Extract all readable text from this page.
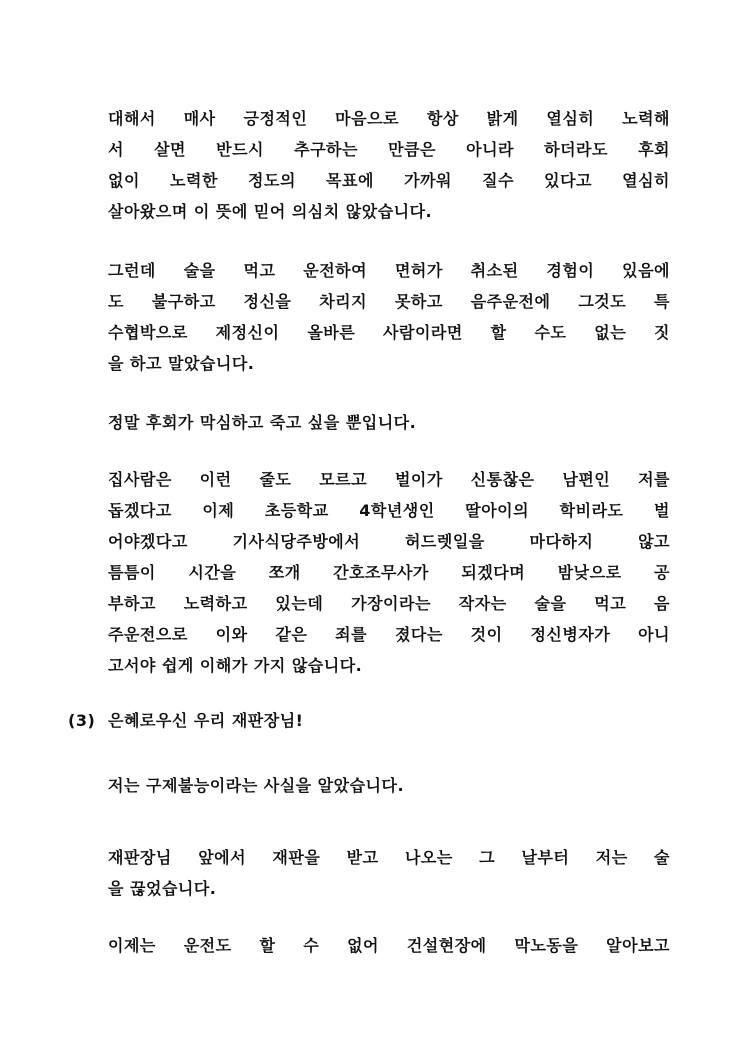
대해서 매사 긍정적인 마음으로 항상 밝게 열심히 노력해
서 살면 반드시 추구하는 만큼은 아니라 하더라도 후회
없이 노력한 정도의 목표에 가까워 질수 있다고 열심히
살아왔으며 이 뜻에 믿어 의심치 않았습니다.
그런데 술을 먹고 운전하여 면허가 취소된 경험이 있음에
도 불구하고 정신을 차리지 못하고 음주운전에 그것도 특
수협박으로 제정신이 올바른 사람이라면 할 수도 없는 짓
을 하고 말았습니다.
정말 후회가 막심하고 죽고 싶을 뿐입니다.
집사람은 이런 줄도 모르고 벌이가 신통찮은 남편인 저를
돕겠다고 이제 초등학교 4학년생인 딸아이의 학비라도 벌
어야겠다고 기사식당주방에서 허드렛일을 마다하지 않고
틈틈이 시간을 쪼개 간호조무사가 되겠다며 밤낮으로 공
부하고 노력하고 있는데 가장이라는 작자는 술을 먹고 음
주운전으로 이와 같은 죄를 졌다는 것이 정신병자가 아니
고서야 쉽게 이해가 가지 않습니다.
(3) 은혜로우신 우리 재판장님!
저는 구제불능이라는 사실을 알았습니다.
재판장님 앞에서 재판을 받고 나오는 그 날부터 저는 술
을 끊었습니다.
이제는 운전도 할 수 없어 건설현장에 막노동을 알아보고
